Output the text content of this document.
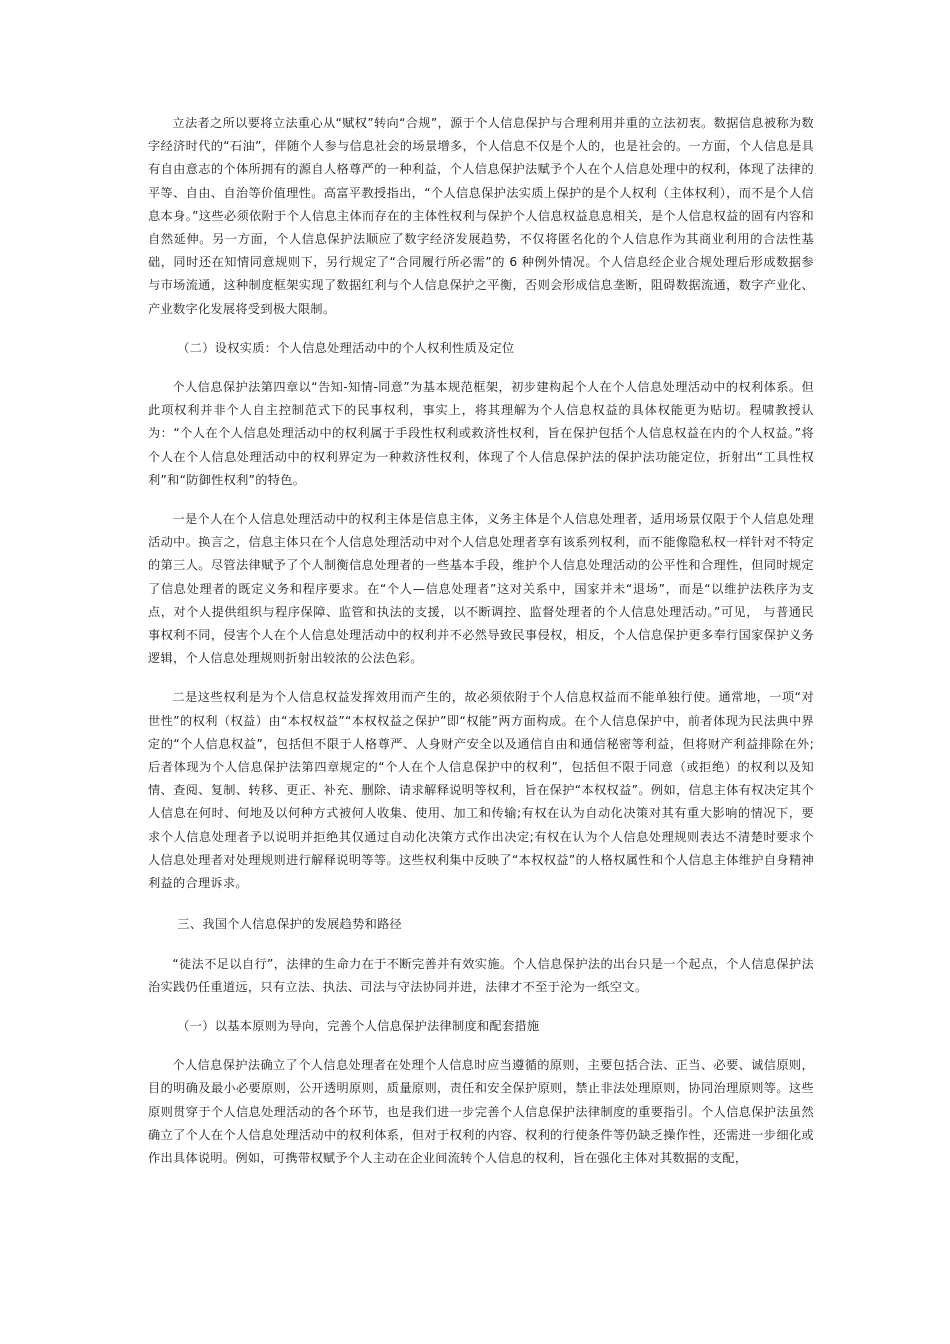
立法者之所以要将立法重心从“赋权”转向“合规”，源于个人信息保护与合理利用并重的立法初衷。数据信息被称为数字经济时代的“石油”，伴随个人参与信息社会的场景增多，个人信息不仅是个人的，也是社会的。一方面，个人信息是具有自由意志的个体所拥有的源自人格尊严的一种利益，个人信息保护法赋予个人在个人信息处理中的权利，体现了法律的平等、自由、自治等价值理性。高富平教授指出，“个人信息保护法实质上保护的是个人权利（主体权利），而不是个人信息本身。”这些必须依附于个人信息主体而存在的主体性权利与保护个人信息权益息息相关，是个人信息权益的固有内容和自然延伸。另一方面，个人信息保护法顺应了数字经济发展趋势，不仅将匿名化的个人信息作为其商业利用的合法性基础，同时还在知情同意规则下，另行规定了“合同履行所必需”的 6 种例外情况。个人信息经企业合规处理后形成数据参与市场流通，这种制度框架实现了数据红利与个人信息保护之平衡，否则会形成信息垄断，阻碍数据流通，数字产业化、产业数字化发展将受到极大限制。

（二）设权实质：个人信息处理活动中的个人权利性质及定位

个人信息保护法第四章以“告知-知情-同意”为基本规范框架，初步建构起个人在个人信息处理活动中的权利体系。但此项权利并非个人自主控制范式下的民事权利，事实上，将其理解为个人信息权益的具体权能更为贴切。程啸教授认为：“个人在个人信息处理活动中的权利属于手段性权利或救济性权利，旨在保护包括个人信息权益在内的个人权益。”将个人在个人信息处理活动中的权利界定为一种救济性权利，体现了个人信息保护法的保护法功能定位，折射出“工具性权利”和“防御性权利”的特色。

一是个人在个人信息处理活动中的权利主体是信息主体，义务主体是个人信息处理者，适用场景仅限于个人信息处理活动中。换言之，信息主体只在个人信息处理活动中对个人信息处理者享有该系列权利，而不能像隐私权一样针对不特定的第三人。尽管法律赋予了个人制衡信息处理者的一些基本手段，维护个人信息处理活动的公平性和合理性，但同时规定了信息处理者的既定义务和程序要求。在“个人—信息处理者”这对关系中，国家并未“退场”，而是“以维护法秩序为支点，对个人提供组织与程序保障、监管和执法的支援，以不断调控、监督处理者的个人信息处理活动。”可见， 与普通民事权利不同，侵害个人在个人信息处理活动中的权利并不必然导致民事侵权，相反，个人信息保护更多奉行国家保护义务逻辑，个人信息处理规则折射出较浓的公法色彩。

二是这些权利是为个人信息权益发挥效用而产生的，故必须依附于个人信息权益而不能单独行使。通常地，一项“对世性”的权利（权益）由“本权权益”“本权权益之保护”即“权能”两方面构成。在个人信息保护中，前者体现为民法典中界定的“个人信息权益”，包括但不限于人格尊严、人身财产安全以及通信自由和通信秘密等利益，但将财产利益排除在外;后者体现为个人信息保护法第四章规定的“个人在个人信息保护中的权利”，包括但不限于同意（或拒绝）的权利以及知情、查阅、复制、转移、更正、补充、删除、请求解释说明等权利，旨在保护“本权权益”。例如，信息主体有权决定其个人信息在何时、何地及以何种方式被何人收集、使用、加工和传输;有权在认为自动化决策对其有重大影响的情况下，要求个人信息处理者予以说明并拒绝其仅通过自动化决策方式作出决定;有权在认为个人信息处理规则表达不清楚时要求个 人信息处理者对处理规则进行解释说明等等。这些权利集中反映了“本权权益”的人格权属性和个人信息主体维护自身精神利益的合理诉求。

三、我国个人信息保护的发展趋势和路径

“徒法不足以自行”，法律的生命力在于不断完善并有效实施。个人信息保护法的出台只是一个起点，个人信息保护法治实践仍任重道远，只有立法、执法、司法与守法协同并进，法律才不至于沦为一纸空文。

（一）以基本原则为导向，完善个人信息保护法律制度和配套措施

个人信息保护法确立了个人信息处理者在处理个人信息时应当遵循的原则，主要包括合法、正当、必要、诚信原则，目的明确及最小必要原则，公开透明原则，质量原则，责任和安全保护原则，禁止非法处理原则，协同治理原则等。这些原则贯穿于个人信息处理活动的各个环节，也是我们进一步完善个人信息保护法律制度的重要指引。个人信息保护法虽然确立了个人在个人信息处理活动中的权利体系，但对于权利的内容、权利的行使条件等仍缺乏操作性，还需进一步细化或作出具体说明。例如，可携带权赋予个人主动在企业间流转个人信息的权利，旨在强化主体对其数据的支配，
